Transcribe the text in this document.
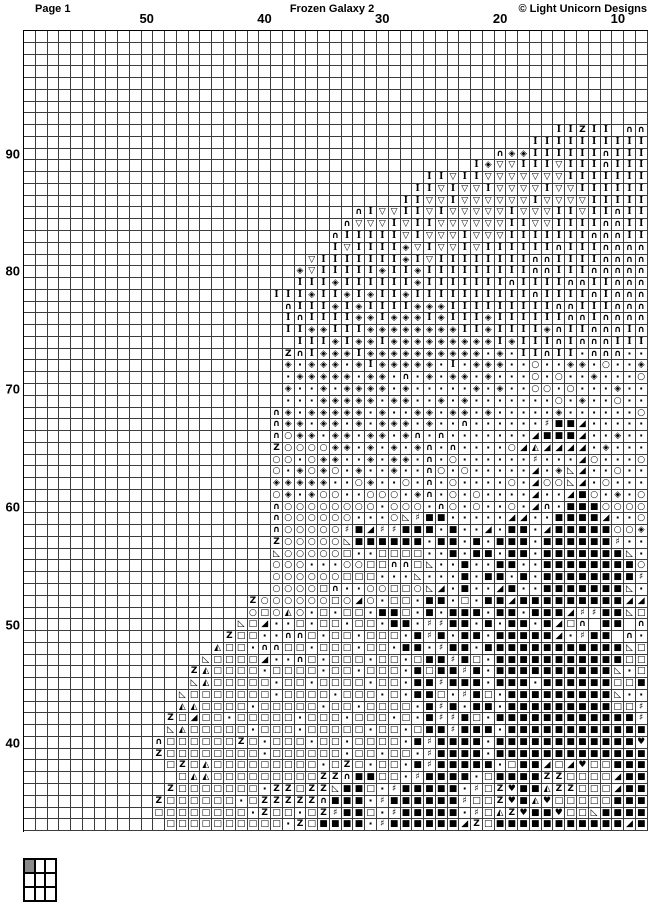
Page 1	Frozen Galaxy 2	© Light Unicorn Designs
50	40	30	20	10
90
80
70
60
50
40
I I Z I I ∩ ∩I I I I I I I I I I∩ ◈ ◈ I I I I I I ∩ I I II ◈ ▽ ▽ I I I ▽ I I I ∩ I I II I ▽ I I ▽ ▽ ▽ ▽ ▽ ▽ ▽ I I I I I I II I ▽ I ▽ ▽ I ▽ ▽ ▽ ▽ I ▽ ▽ I I I I I II I ▽ ▽ I ▽ ▽ ▽ ▽ ▽ ▽ I ▽ ▽ ▽ ▽ I I I I I∩ I ▽ ▽ I I ▽ I ▽ ▽ ▽ ▽ ▽ I ▽ ▽ ▽ I I ▽ I I ∩ I I∩ ▽ ▽ ▽ I ▽ I I ▽ ▽ ▽ ▽ ▽ ▽ I I ▽ ▽ I I I I ∩ ∩ I I∩ I I I I I ▽ I ▽ ▽ ▽ I ▽ ▽ ▽ I I I I I I I ∩ ∩ ∩ I II ▽ I I I I ◈ ▽ I ▽ ▽ I ▽ I I I I I I ∩ I I I ∩ ∩ ∩ ∩▽ I I I I I I I ◈ I ▽ I I I I I I I I ∩ ∩ I I I I ∩ ∩ ∩ ∩◈ ▽ I I I I I ◈ I I ◈ I I I I I I I I I ∩ ∩ I I I ∩ ∩ ∩ ∩ ∩I I I ◈ I I I I I I ◈ I I I I I I I ∩ I I I I ∩ ∩ I I ∩ ∩ ∩I I I ◈ I I ◈ I ◈ I I ◈ I I I I I I I I I I ∩ I I I I ∩ I ∩ ∩ ∩∩ I I I ◈ I ◈ I I I I ◈ ◈ ◈ I I I I I I I I I ∩ ∩ I I I ∩ ∩ ∩I ∩ I I I I ◈ ◈ I ◈ ◈ ◈ I ◈ I I I ◈ I I I I I I ∩ ∩ I ∩ ∩ ∩ ∩I I ◈ ◈ I I I ◈ ◈ ◈ ◈ ◈ ◈ ◈ ◈ I I ◈ I I I I ◈ ∩ I I ∩ ∩ ∩ I ∩I I I ◈ I ◈ ◈ I ◈ ◈ ◈ ◈ ◈ ◈ ◈ ◈ ◈ I ◈ I I I ∩ I ∩ ∩ ∩ I I IZ ∩ I ◈ ◈ ◈ I ◈ ◈ ◈ ◈ ◈ ◈ ◈ ◈ ◈ ◈ · ◈ · I I ∩ I I · ∩ ∩ ∩ · ·◈ · ◈ ◈ ◈ · ◈ I ◈ ◈ ◈ ◈ ◈ · I · ◈ ◈ ◈ · · ○ · · ◈ ◈ · ○ · · ◈· ◈ ◈ ◈ ◈ ◈ · ◈ ◈ · ∩ · ◈ · ◈ ◈ · ◈ · · · ○ · ○ · · ◈ · · · ○◈ · · ◈ · ◈ ◈ ◈ ◈ · ◈ · · · · · ◈ · ◈ · · ○ ○ · ○ · · · ◈ · ·· · · ◈ ◈ ◈ ◈ ◈ · ◈ ◈ · · ◈ · ◈ · · · · · · · ○ · ◈ · · ○ · ·∩ ◈ · ◈ ◈ ◈ ◈ ◈ · ◈ · · ◈ ◈ · ◈ ◈ · ◈ · · · · · ◈ · · · · · · ○∩ ◈ ◈ · ◈ ◈ · ◈ · ◈ ◈ ◈ · ◈ · · ∩ · · · · · · ♯ ■ ■ ◢ · · · · ·∩ ○ ◈ ◈ · ◈ ◈ · ◈ ◈ · ◈ ∩ · ∩ · · · · · · · ◢ ■ ■ ■ ◢ · · ◈ · ·Z ○ ○ ○ ○ ◈ ◈ · ◈ · ◈ · ◈ ∩ · ∩ · · · · ○ ◢ ◭ ◢ ◢ ◢ ◢ · ◈ · · ·○ ○ · ○ ◈ ◈ · · ◈ · ◈ ◈ · ∩ · ○ · · · · · · ♯ · · · ◢ ○ · · · ○○ · ◈ ○ ◈ ○ · ◈ · · ◈ · · ∩ ○ · ○ · · · · · ◢ · ◈ ◺ ◢ · · ○ · ·◈ ◈ ◈ ◈ ◈ · · ○ ◈ · · ○ · ∩ · ○ · · · · ○ · ◢ ○ ○ ◺ ◢ · ○ · · ·○ ◈ · ◈ ○ ○ · · ○ ○ ○ · ◈ ∩ · ○ · ○ · · · · ◢ · · ◢ ■ ○ · ◈ · ○∩ ○ ○ ○ ○ ○ ○ ○ ○ · ○ ○ ○ · ∩ ○ · ○ · · ○ · ◢ ∩ · ■ ■ ■ ○ ○ ○ ○∩ ○ ○ ○ ○ ○ ○ · · · ○ ◺ ♯ ■ ■ · · · · · ◢ ◢ · · ■ ■ ■ ■ ◢ · · ○∩ ○ ○ ○ ○ ○ ♯ ■ ◢ ♯ ♯ ■ ■ ■ · ■ · · ◢ · ■ ■ · ◢ ■ ■ ■ ■ ■ ○ ○ ◈Z ○ ○ ○ ○ ○ ◺ ■ ■ ■ ■ ■ ■ · ■ ■ · ■ · ■ ■ ■ · ■ ■ ■ ■ ■ ■ ♯ · ·◺ ○ ○ ○ ○ ○ □ · · □ □ □ □ · · ■ · ■ ■ · ■ ■ · ■ ■ ■ ■ ■ ■ ■ ◺ ·○ ○ ○ · · · ○ ○ □ □ ∩ ∩ □ ◺ · · ■ · · ■ ■ · · ■ ■ ■ ■ ■ ■ ■ ■ ○○ ○ ○ ○ ○ ○ □ □ □ · · · ◺ · · · ■ · ■ ■ · ■ · ■ ■ ■ ■ ■ ■ ■ ■ ♯○ ○ ○ ○ □ ∩ · · ○ ○ □ □ ○ ◺ ◢ · ■ · · ◢ ■ · · ■ ■ ■ ■ ■ ■ ■ ◺ ·Z ○ ○ ○ ○ ○ ○ □ ○ ◢ ○ · □ □ · ■ ■ · □ · ■ ■ ◢ ■ ■ ■ ■ ■ ■ ■ ■ ■ ◢ ◢○ □ ○ ◭ ○ · □ · □ □ · ■ ■ □ · ■ · ■ ■ ■ · ■ ■ · ■ ■ ■ ◢ ♯ ♯ ■ ■ ◺ □◺ □ ◢ · · □ · □ □ · □ □ · ■ ■ · ♯ ♯ ■ ■ · ■ · ■ ■ · ■ ◢ □ ∩ ■ ■ ∩Z □ □ · · ∩ ∩ □ · □ □ · □ □ □ · ■ ♯ ■ · ■ ■ · ■ ■ ■ ■ ■ ◢ · ♯ ■ ■ ∩ ·◭ □ □ · ∩ ∩ □ □ · □ □ □ · □ □ · ■ ■ · ♯ ■ ■ · ■ ■ ■ ■ ■ ■ ■ ■ ■ ■ ■ ■ ◺ □◺ □ □ □ □ ◢ · · ∩ □ · □ □ □ · □ □ · □ ■ ■ ♯ ■ □ · ■ ■ ■ ■ ■ ■ ■ ■ ■ ■ ■ □ □Z ◭ □ □ □ □ · □ □ □ □ · □ □ · □ □ □ · ■ □ ■ ■ ♯ ■ · ■ ■ ■ ■ ■ ■ ■ ■ ■ ■ ◺ · □◺ ◭ □ □ □ □ □ · □ □ · □ □ □ □ · □ □ · ■ ■ ♯ ■ ■ ■ · ■ ■ ■ · ■ ■ ■ ■ ■ ■ □ □ ■◺ □ □ □ □ □ □ □ · □ □ □ □ · □ □ □ · □ · ■ ■ □ · ♯ ■ □ · ■ ■ ■ ■ ■ ■ ■ ■ ■ ◺ · ·◭ ◭ □ □ □ □ · □ □ □ □ □ · □ □ · □ □ □ □ · ■ ♯ ■ · ■ ■ · ■ ■ ■ ■ ■ ■ ■ ■ ■ □ □ ♯Z □ ◢ □ □ · □ □ □ □ □ · □ □ □ · □ □ □ · □ · ■ ♯ ♯ ■ □ · ■ ■ ■ ■ ■ ■ ■ ■ ■ ■ ■ ■ ♯◺ ◭ □ □ □ □ □ · □ □ □ · □ □ □ □ □ · □ □ · □ ■ ■ ♯ ■ ■ ■ · ■ ■ ■ ■ ■ ■ ■ ■ ■ ■ ■ ■∩ □ □ □ □ □ □ Z □ · □ □ □ · □ □ · □ □ □ □ · ■ ♯ ■ ■ ■ ■ · ■ ■ ■ ■ ■ ■ ■ ■ ■ ■ ■ ■ ♥Z □ □ □ □ □ □ □ □ · □ □ □ □ □ □ · □ □ · □ □ · ♯ ■ ■ ■ ■ · ■ ■ ■ ■ ■ ■ ■ ■ ■ ■ ■ ■ ■□ Z □ ◭ □ □ □ □ □ □ □ □ □ · □ Z □ · □ □ · ■ ♯ ■ ■ ■ ■ ■ · □ ■ ■ ◢ □ ◢ ♥ □ □ ■ ■ ■□ ◭ ◭ □ □ □ □ □ □ □ □ □ Z Z ∩ ■ ■ □ □ · ♯ ■ ■ ■ ■ · □ ■ ■ ■ ■ Z Z □ □ □ □ ◢ ■ ■Z □ □ □ □ □ □ □ · Z Z □ Z Z ◺ ■ ■ □ · ♯ ■ ■ ■ ■ ■ · ♯ □ Z ♥ ■ ■ ◭ Z Z □ □ □ ◢ ■ ■Z □ □ □ □ □ □ · □ Z Z Z Z Z ∩ ■ ■ ■ · ♯ ■ ■ ■ ■ ■ ■ ♯ □ □ Z ♥ ■ ◭ ♥ □ □ □ □ □ ■ ■ ■□ □ □ □ □ □ □ □ · Z □ □ · □ Z ♯ ■ ■ □ · ♯ ■ ■ ■ ■ ■ · ♯ □ ◭ Z ♥ ■ ■ ♥ □ □ ◺ ■ ■ ■ ■□ □ □ □ □ □ □ □ □ □ · Z □ ■ ■ ■ ■ · ♯ ■ ■ ■ ■ ■ ■ ◢ Z □ ■ ■ ■ ■ ■ ■ ■ ■ ■ ■ ■ ◢ ■
